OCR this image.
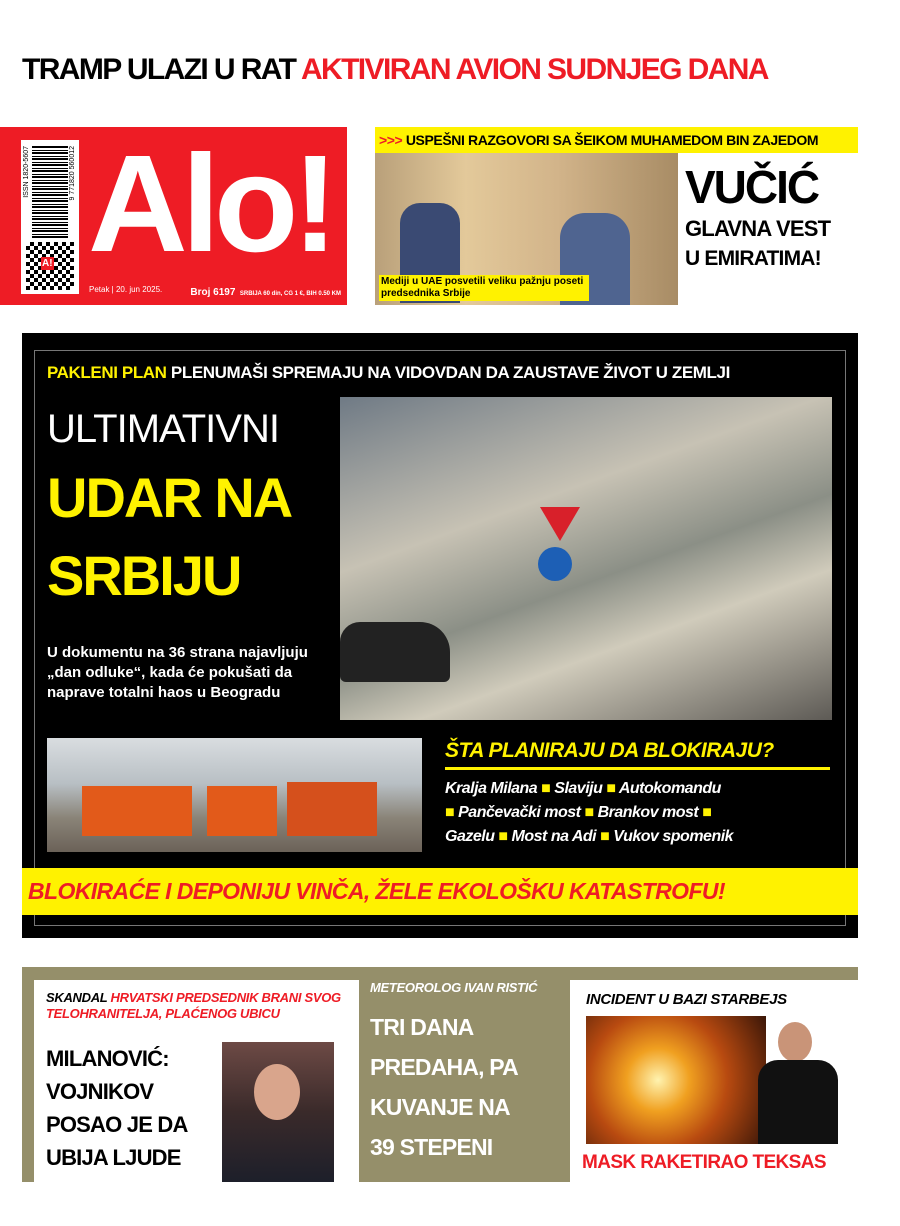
TRAMP ULAZI U RAT AKTIVIRAN AVION SUDNJEG DANA
ISSN 1820-5607	9 771820 560012
A! Alo!
Petak | 20. jun 2025.	Broj 6197 SRBIJA 60 din, CG 1 €, BIH 0.50 KM
>>> USPEŠNI RAZGOVORI SA ŠEIKOM MUHAMEDOM BIN ZAJEDOM
Mediji u UAE posvetili veliku pažnju poseti predsednika Srbije
VUČIĆ
GLAVNA VEST
U EMIRATIMA!
PAKLENI PLAN PLENUMAŠI SPREMAJU NA VIDOVDAN DA ZAUSTAVE ŽIVOT U ZEMLJI
ULTIMATIVNI
UDAR NA
SRBIJU
U dokumentu na 36 strana najavljuju „dan odluke“, kada će pokušati da naprave totalni haos u Beogradu
ŠTA PLANIRAJU DA BLOKIRAJU?
Kralja Milana ■ Slaviju ■ Autokomandu
■ Pančevački most ■ Brankov most ■
Gazelu ■ Most na Adi ■ Vukov spomenik
BLOKIRAĆE I DEPONIJU VINČA, ŽELE EKOLOŠKU KATASTROFU!
SKANDAL HRVATSKI PREDSEDNIK BRANI SVOG TELOHRANITELJA, PLAĆENOG UBICU
MILANOVIĆ:
VOJNIKOV
POSAO JE DA
UBIJA LJUDE
METEOROLOG IVAN RISTIĆ
TRI DANA
PREDAHA, PA
KUVANJE NA
39 STEPENI
INCIDENT U BAZI STARBEJS
MASK RAKETIRAO TEKSAS
